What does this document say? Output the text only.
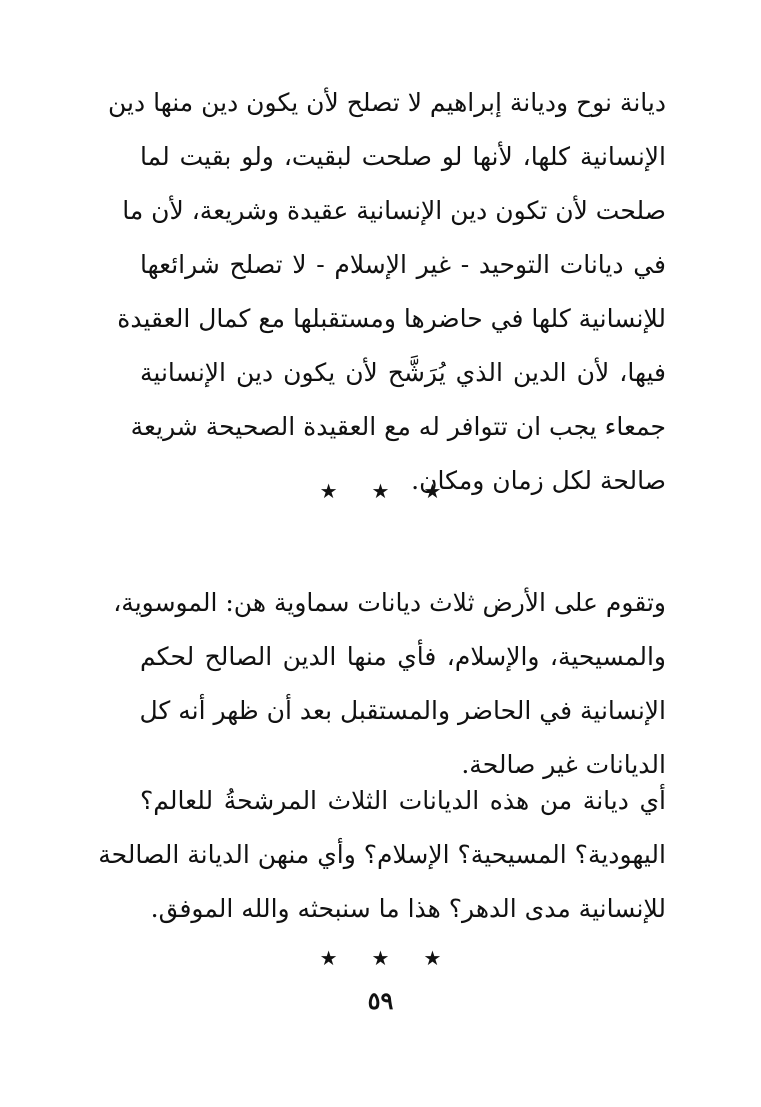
ديانة نوح وديانة إبراهيم لا تصلح لأن يكون دين منها دين
الإنسانية كلها، لأنها لو صلحت لبقيت، ولو بقيت لما
صلحت لأن تكون دين الإنسانية عقيدة وشريعة، لأن ما
في ديانات التوحيد - غير الإسلام - لا تصلح شرائعها
للإنسانية كلها في حاضرها ومستقبلها مع كمال العقيدة
فيها، لأن الدين الذي يُرَشَّح لأن يكون دين الإنسانية
جمعاء يجب ان تتوافر له مع العقيدة الصحيحة شريعة
صالحة لكل زمان ومكان.
★★★
وتقوم على الأرض ثلاث ديانات سماوية هن: الموسوية،
والمسيحية، والإسلام، فأي منها الدين الصالح لحكم
الإنسانية في الحاضر والمستقبل بعد أن ظهر أنه كل
الديانات غير صالحة.
أي ديانة من هذه الديانات الثلاث المرشحةُ للعالم؟
اليهودية؟ المسيحية؟ الإسلام؟ وأي منهن الديانة الصالحة
للإنسانية مدى الدهر؟ هذا ما سنبحثه والله الموفق.
★★★
٥٩
